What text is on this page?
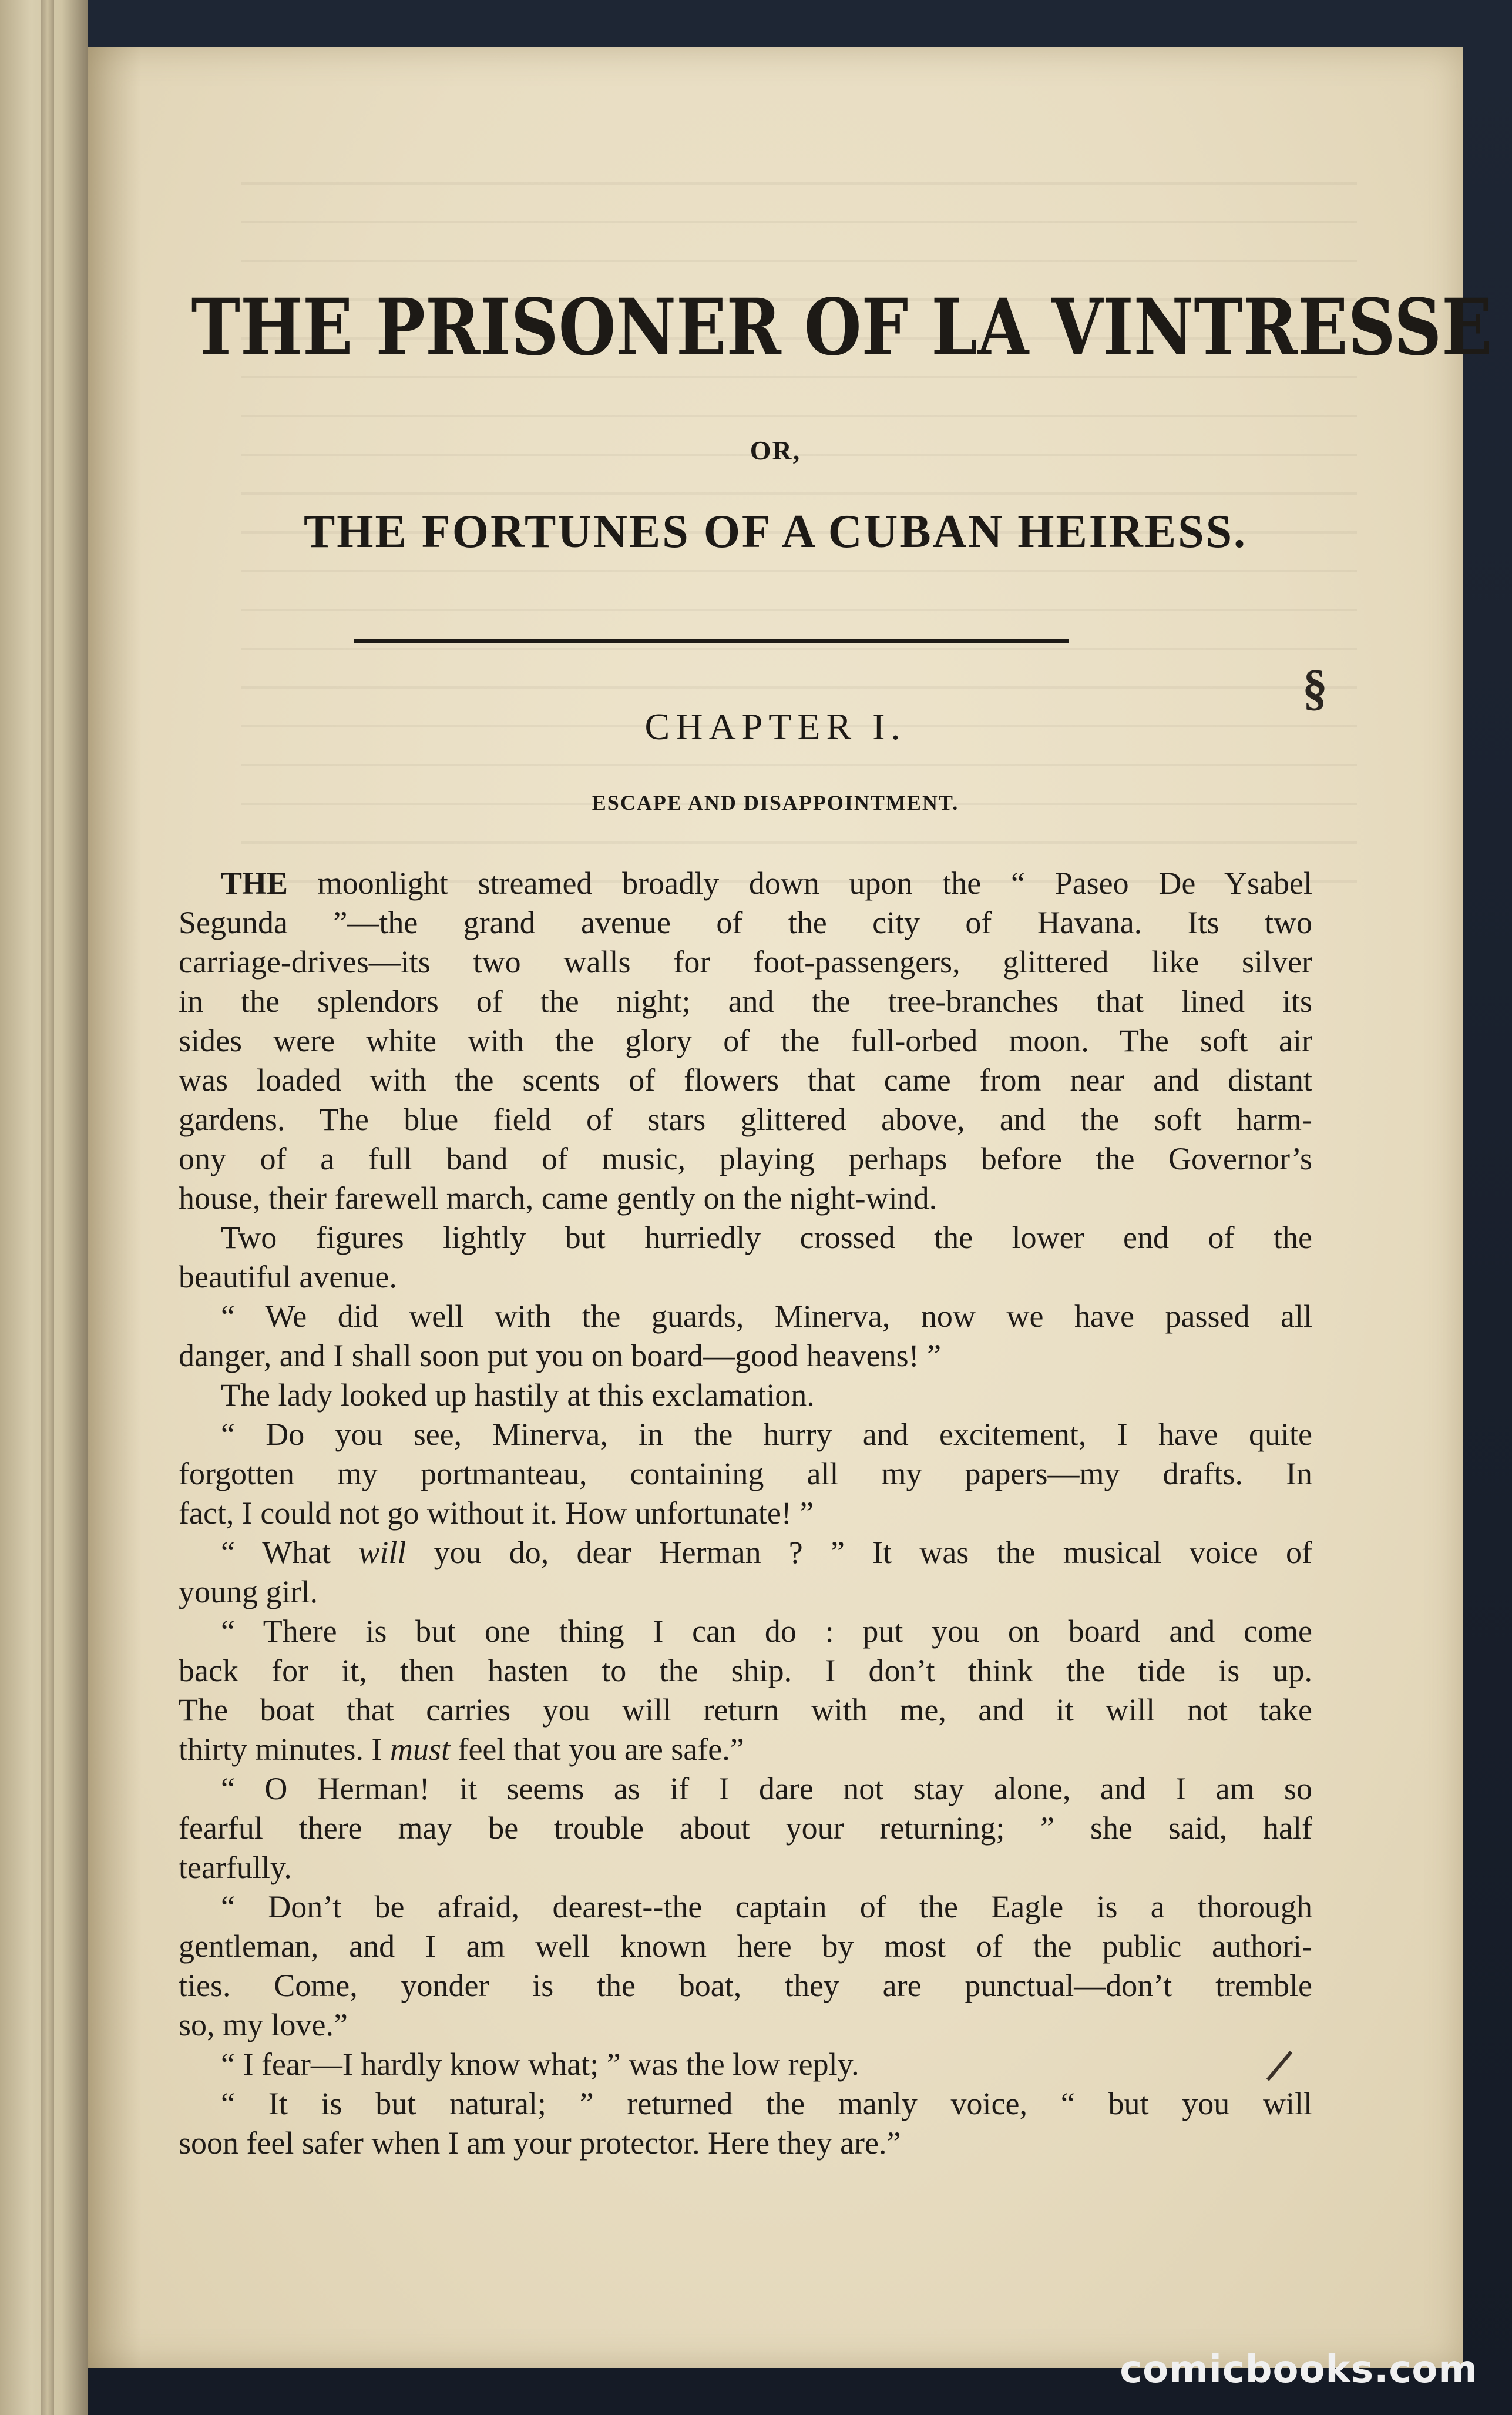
THE PRISONER OF LA VINTRESSE
OR,
THE FORTUNES OF A CUBAN HEIRESS.
CHAPTER I.
ESCAPE AND DISAPPOINTMENT.
THE moonlight streamed broadly down upon the “ Paseo De Ysabel
Segunda ”—the grand avenue of the city of Havana. Its two
carriage-drives—its two walls for foot-passengers, glittered like silver
in the splendors of the night; and the tree-branches that lined its
sides were white with the glory of the full-orbed moon. The soft air
was loaded with the scents of flowers that came from near and distant
gardens. The blue field of stars glittered above, and the soft harm-
ony of a full band of music, playing perhaps before the Governor’s
house, their farewell march, came gently on the night-wind.
Two figures lightly but hurriedly crossed the lower end of the
beautiful avenue.
“ We did well with the guards, Minerva, now we have passed all
danger, and I shall soon put you on board—good heavens! ”
The lady looked up hastily at this exclamation.
“ Do you see, Minerva, in the hurry and excitement, I have quite
forgotten my portmanteau, containing all my papers—my drafts. In
fact, I could not go without it. How unfortunate! ”
“ What will you do, dear Herman ? ” It was the musical voice of
young girl.
“ There is but one thing I can do : put you on board and come
back for it, then hasten to the ship. I don’t think the tide is up.
The boat that carries you will return with me, and it will not take
thirty minutes. I must feel that you are safe.”
“ O Herman! it seems as if I dare not stay alone, and I am so
fearful there may be trouble about your returning; ” she said, half
tearfully.
“ Don’t be afraid, dearest--the captain of the Eagle is a thorough
gentleman, and I am well known here by most of the public authori-
ties. Come, yonder is the boat, they are punctual—don’t tremble
so, my love.”
“ I fear—I hardly know what; ” was the low reply.
“ It is but natural; ” returned the manly voice, “ but you will
soon feel safer when I am your protector. Here they are.”
§
comicbooks.com
